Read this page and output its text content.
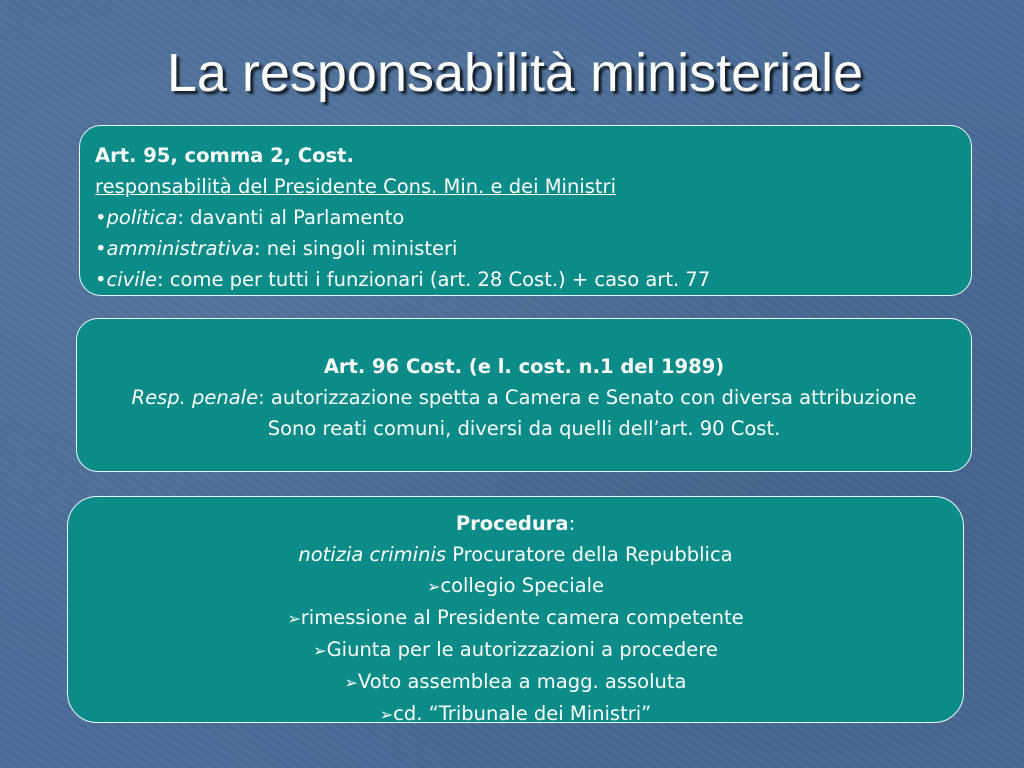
La responsabilità ministeriale
Art. 95, comma 2, Cost.
responsabilità del Presidente Cons. Min. e dei Ministri
•politica: davanti al Parlamento
•amministrativa: nei singoli ministeri
•civile: come per tutti i funzionari (art. 28 Cost.) + caso art. 77
Art. 96 Cost. (e l. cost. n.1 del 1989)
Resp. penale: autorizzazione spetta a Camera e Senato con diversa attribuzione
Sono reati comuni, diversi da quelli dell’art. 90 Cost.
Procedura:
notizia criminis Procuratore della Repubblica
➢collegio Speciale
➢rimessione al Presidente camera competente
➢Giunta per le autorizzazioni a procedere
➢Voto assemblea a magg. assoluta
➢cd. “Tribunale dei Ministri”
